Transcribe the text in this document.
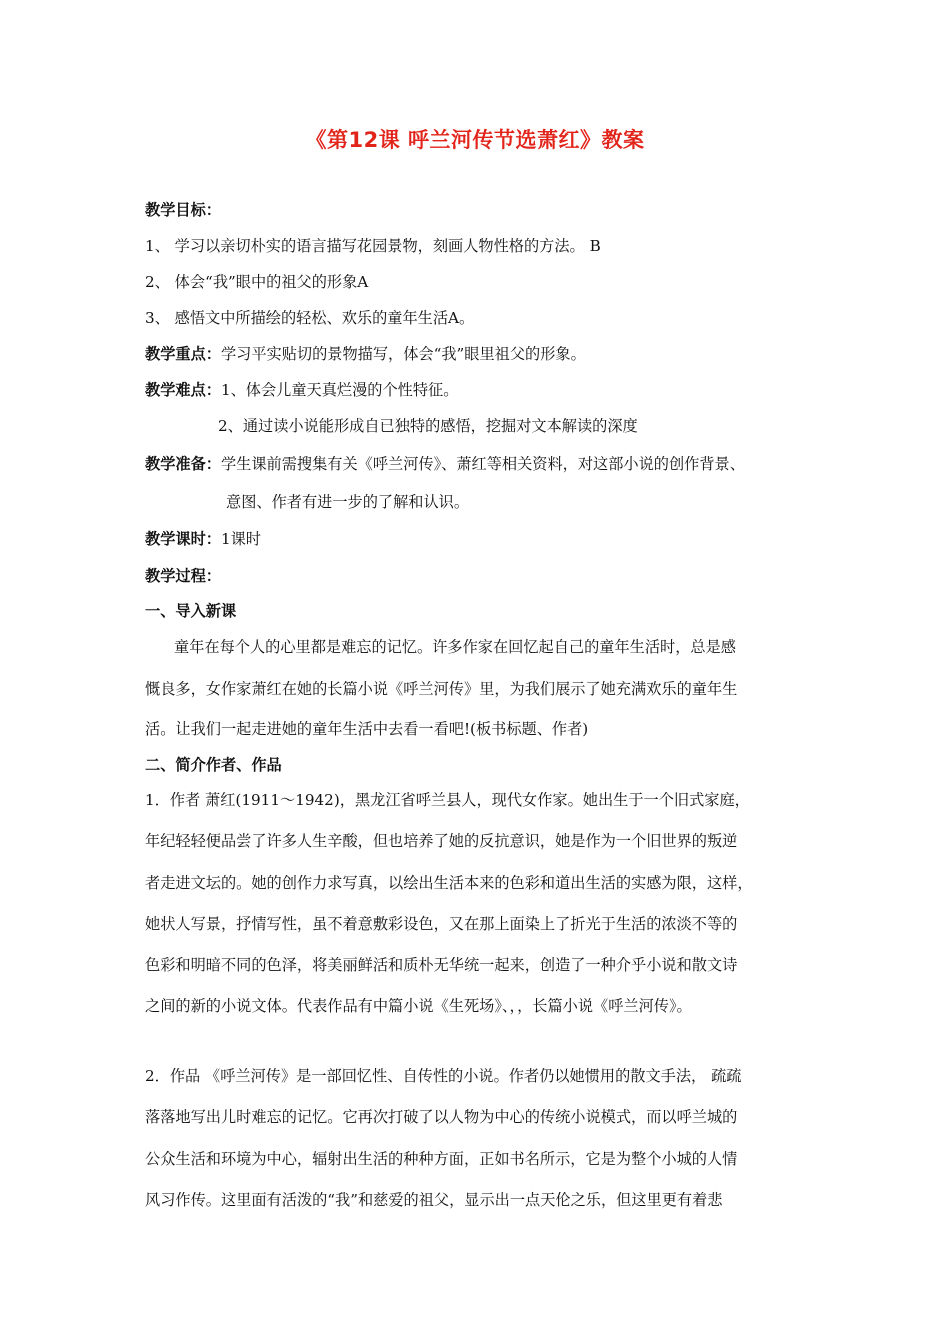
《第12课 呼兰河传节选萧红》教案
教学目标：
1、 学习以亲切朴实的语言描写花园景物，刻画人物性格的方法。 B
2、 体会“我”眼中的祖父的形象A
3、 感悟文中所描绘的轻松、欢乐的童年生活A。
教学重点：学习平实贴切的景物描写，体会“我”眼里祖父的形象。
教学难点：1、体会儿童天真烂漫的个性特征。
2、通过读小说能形成自已独特的感悟，挖掘对文本解读的深度
教学准备：学生课前需搜集有关《呼兰河传》、萧红等相关资料，对这部小说的创作背景、
意图、作者有进一步的了解和认识。
教学课时：1课时
教学过程：
一、导入新课
童年在每个人的心里都是难忘的记忆。许多作家在回忆起自己的童年生活时，总是感
慨良多，女作家萧红在她的长篇小说《呼兰河传》里，为我们展示了她充满欢乐的童年生
活。让我们一起走进她的童年生活中去看一看吧!(板书标题、作者)
二、简介作者、作品
1．作者 萧红(1911～1942)，黑龙江省呼兰县人，现代女作家。她出生于一个旧式家庭，
年纪轻轻便品尝了许多人生辛酸，但也培养了她的反抗意识，她是作为一个旧世界的叛逆
者走进文坛的。她的创作力求写真，以绘出生活本来的色彩和道出生活的实感为限，这样，
她状人写景，抒情写性，虽不着意敷彩设色，又在那上面染上了折光于生活的浓淡不等的
色彩和明暗不同的色泽，将美丽鲜活和质朴无华统一起来，创造了一种介乎小说和散文诗
之间的新的小说文体。代表作品有中篇小说《生死场》、，，长篇小说《呼兰河传》。
2．作品 《呼兰河传》是一部回忆性、自传性的小说。作者仍以她惯用的散文手法， 疏疏
落落地写出儿时难忘的记忆。它再次打破了以人物为中心的传统小说模式，而以呼兰城的
公众生活和环境为中心，辐射出生活的种种方面，正如书名所示，它是为整个小城的人情
风习作传。这里面有活泼的“我”和慈爱的祖父，显示出一点天伦之乐，但这里更有着悲
